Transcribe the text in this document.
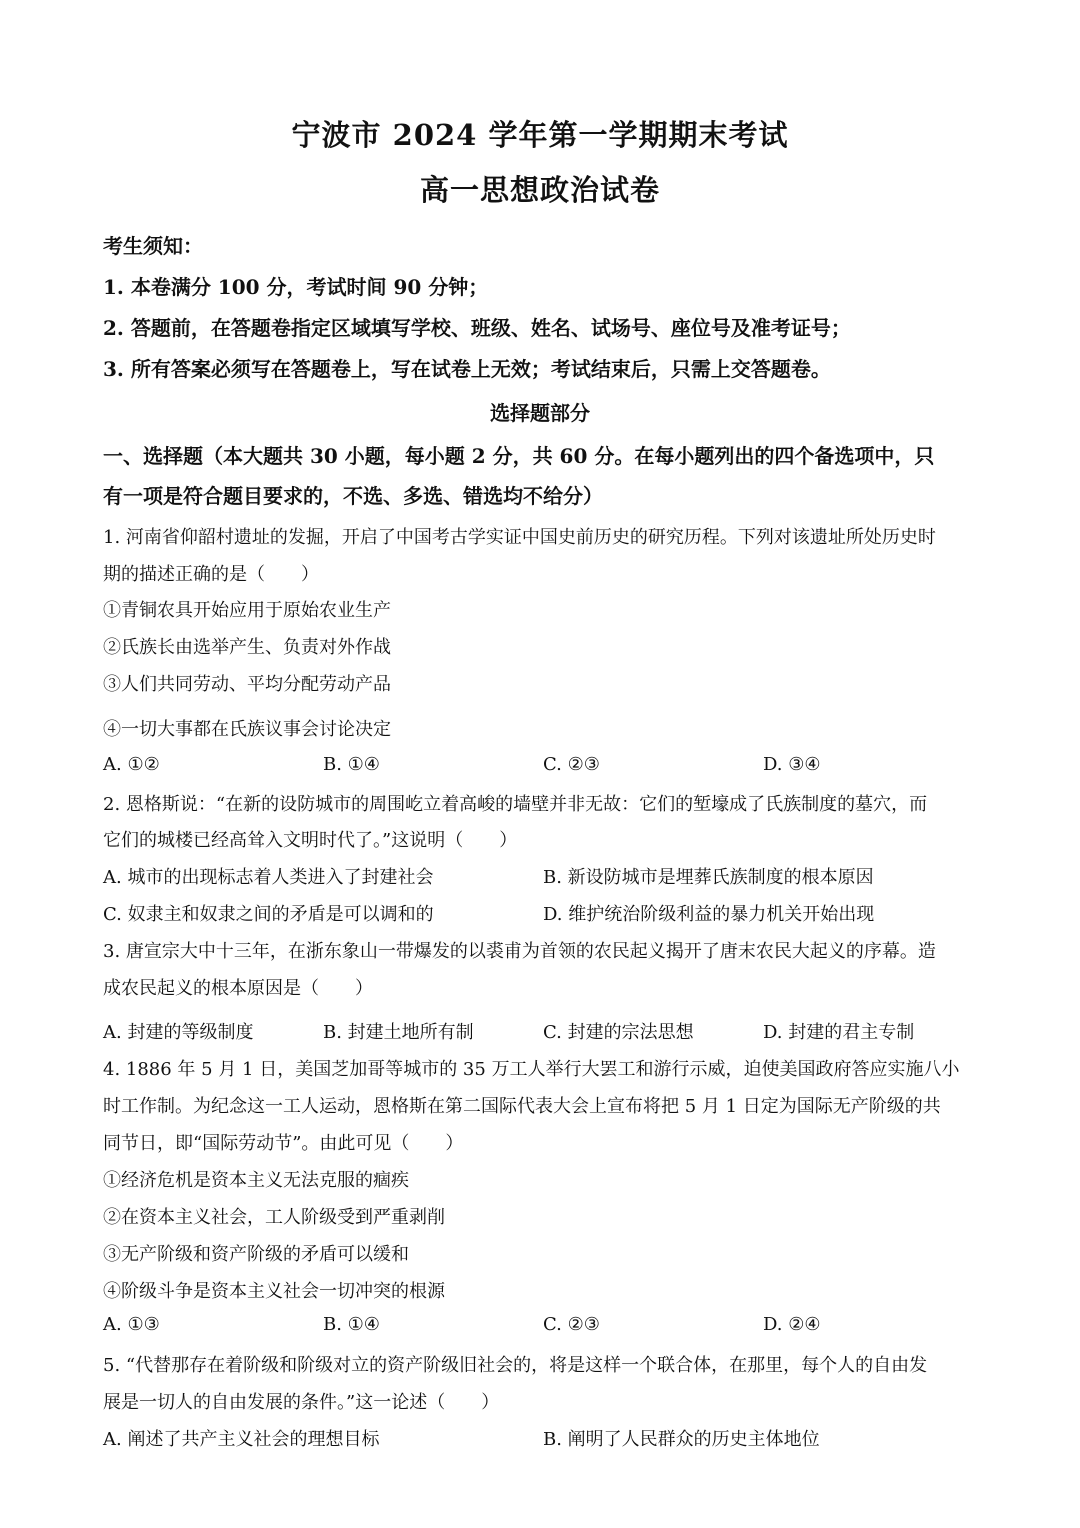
宁波市 2024 学年第一学期期末考试
高一思想政治试卷
考生须知：
1. 本卷满分 100 分，考试时间 90 分钟；
2. 答题前，在答题卷指定区域填写学校、班级、姓名、试场号、座位号及准考证号；
3. 所有答案必须写在答题卷上，写在试卷上无效；考试结束后，只需上交答题卷。
选择题部分
一、选择题（本大题共 30 小题，每小题 2 分，共 60 分。在每小题列出的四个备选项中，只
有一项是符合题目要求的，不选、多选、错选均不给分）
1. 河南省仰韶村遗址的发掘，开启了中国考古学实证中国史前历史的研究历程。下列对该遗址所处历史时
期的描述正确的是（　　）
①青铜农具开始应用于原始农业生产
②氏族长由选举产生、负责对外作战
③人们共同劳动、平均分配劳动产品
④一切大事都在氏族议事会讨论决定
A. ①②	B. ①④	C. ②③	D. ③④
2. 恩格斯说：“在新的设防城市的周围屹立着高峻的墙壁并非无故：它们的堑壕成了氏族制度的墓穴，而
它们的城楼已经高耸入文明时代了。”这说明（　　）
A. 城市的出现标志着人类进入了封建社会	B. 新设防城市是埋葬氏族制度的根本原因
C. 奴隶主和奴隶之间的矛盾是可以调和的	D. 维护统治阶级利益的暴力机关开始出现
3. 唐宣宗大中十三年，在浙东象山一带爆发的以裘甫为首领的农民起义揭开了唐末农民大起义的序幕。造
成农民起义的根本原因是（　　）
A. 封建的等级制度	B. 封建土地所有制	C. 封建的宗法思想	D. 封建的君主专制
4. 1886 年 5 月 1 日，美国芝加哥等城市的 35 万工人举行大罢工和游行示威，迫使美国政府答应实施八小
时工作制。为纪念这一工人运动，恩格斯在第二国际代表大会上宣布将把 5 月 1 日定为国际无产阶级的共
同节日，即“国际劳动节”。由此可见（　　）
①经济危机是资本主义无法克服的痼疾
②在资本主义社会，工人阶级受到严重剥削
③无产阶级和资产阶级的矛盾可以缓和
④阶级斗争是资本主义社会一切冲突的根源
A. ①③	B. ①④	C. ②③	D. ②④
5. “代替那存在着阶级和阶级对立的资产阶级旧社会的，将是这样一个联合体，在那里，每个人的自由发
展是一切人的自由发展的条件。”这一论述（　　）
A. 阐述了共产主义社会的理想目标	B. 阐明了人民群众的历史主体地位
